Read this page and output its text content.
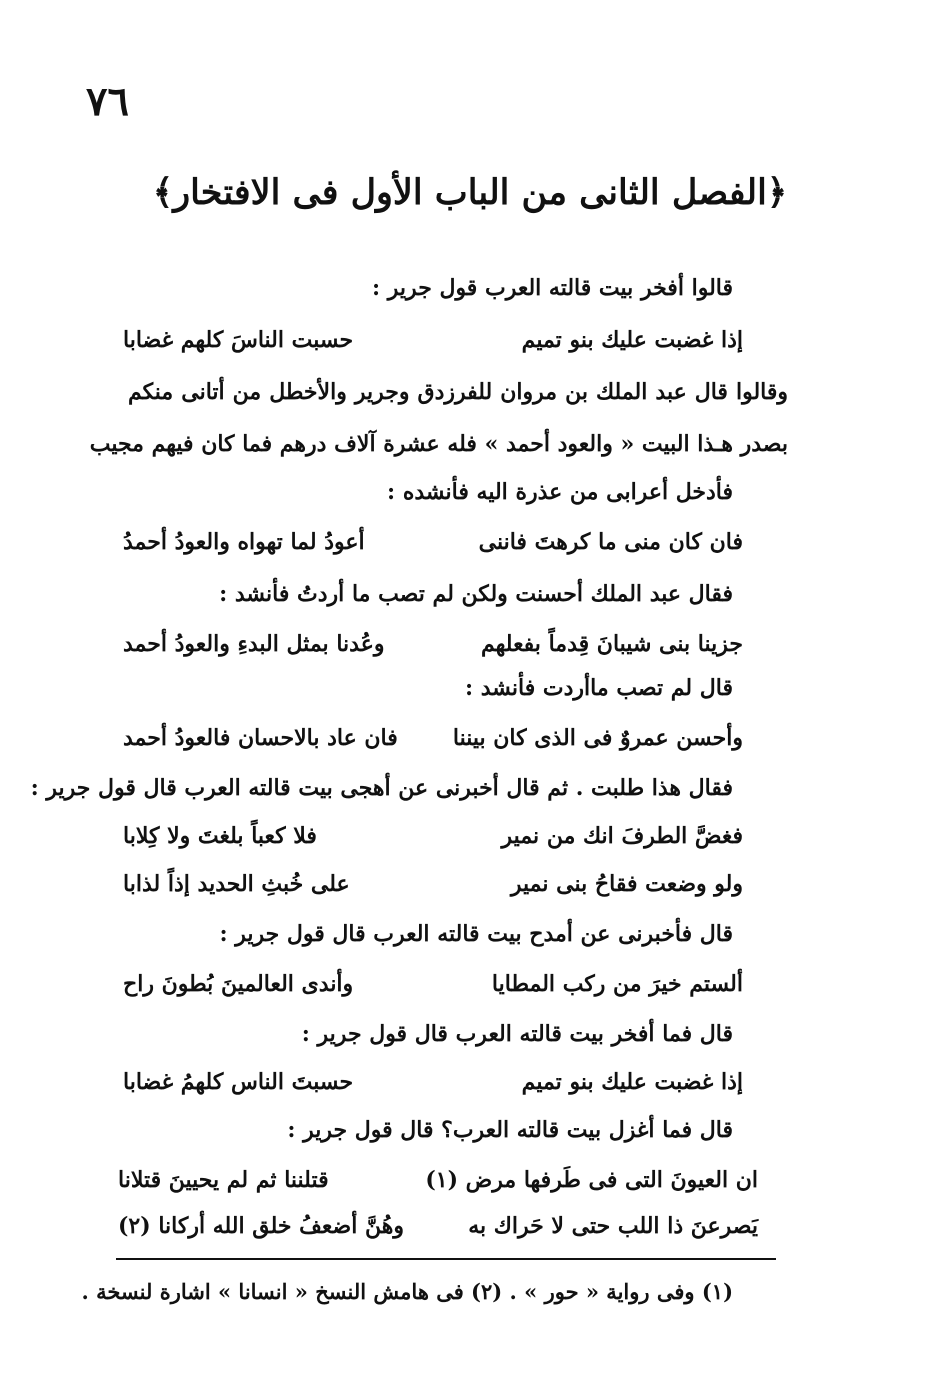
٧٦
﴿الفصل الثانى من الباب الأول فى الافتخار﴾
قالوا أفخر بيت قالته العرب قول جرير :
إذا غضبت عليك بنو تميم
حسبت الناسَ كلهم غضابا
وقالوا قال عبد الملك بن مروان للفرزدق وجرير والأخطل من أتانى منكم
بصدر هـذا البيت « والعود أحمد » فله عشرة آلاف درهم فما كان فيهم مجيب
فأدخل أعرابى من عذرة اليه فأنشده :
فان كان منى ما كرهتَ فاننى
أعودُ لما تهواه والعودُ أحمدُ
فقال عبد الملك أحسنت ولكن لم تصب ما أردتُ فأنشد :
جزينا بنى شيبانَ قِدماً بفعلهم
وعُدنا بمثل البدءِ والعودُ أحمد
قال لم تصب ماأردت فأنشد :
وأحسن عمروٌ فى الذى كان بيننا
فان عاد بالاحسان فالعودُ أحمد
فقال هذا طلبت . ثم قال أخبرنى عن أهجى بيت قالته العرب قال قول جرير :
فغضَّ الطرفَ انك من نمير
فلا كعباً بلغتَ ولا كِلابا
ولو وضعت فقاحُ بنى نمير
على خُبثِ الحديد إذاً لذابا
قال فأخبرنى عن أمدح بيت قالته العرب قال قول جرير :
ألستم خيرَ من ركب المطايا
وأندى العالمينَ بُطونَ راح
قال فما أفخر بيت قالته العرب قال قول جرير :
إذا غضبت عليك بنو تميم
حسبتَ الناس كلهمُ غضابا
قال فما أغزل بيت قالته العرب؟ قال قول جرير :
ان العيونَ التى فى طَرفها مرض (١)
قتلننا ثم لم يحيينَ قتلانا
يَصرعنَ ذا اللب حتى لا حَراك به
وهُنَّ أضعفُ خلق الله أركانا (٢)
(١) وفى رواية « حور » . (٢) فى هامش النسخ « انسانا » اشارة لنسخة .
